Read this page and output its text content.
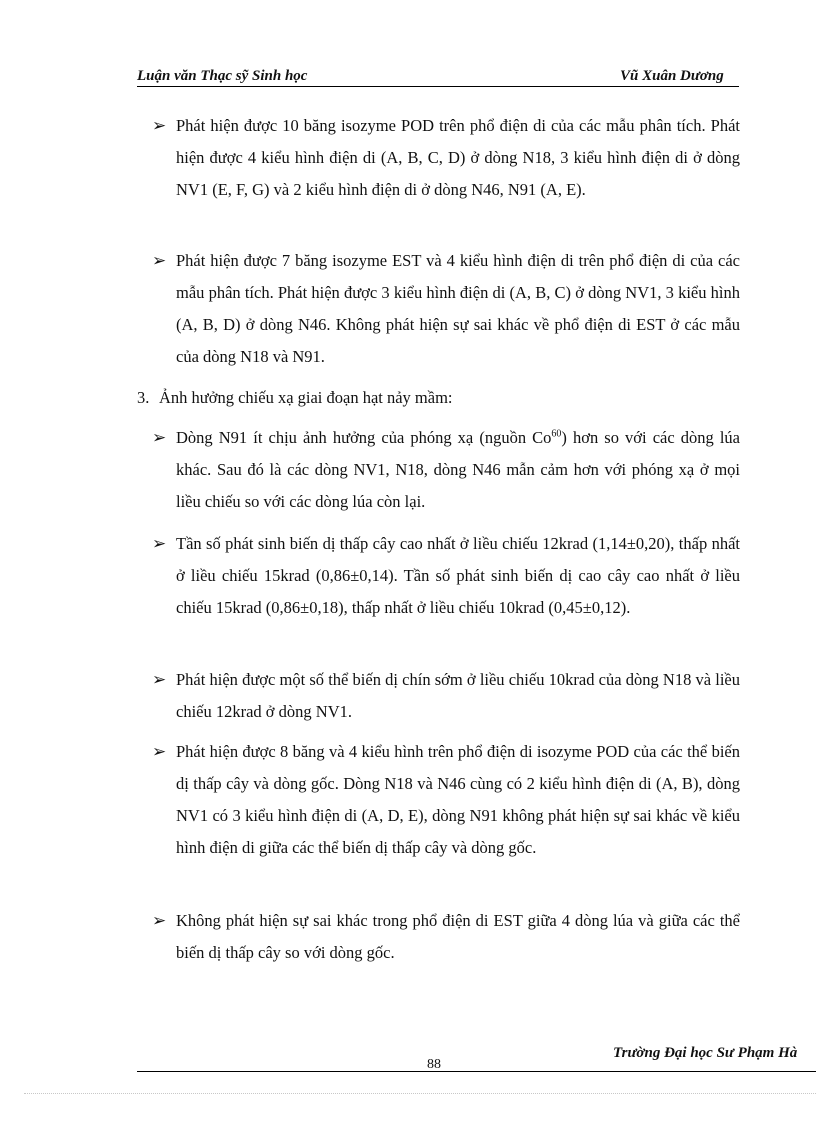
Luận văn Thạc sỹ Sinh học	Vũ Xuân Dương
➢ Phát hiện được 10 băng isozyme POD trên phổ điện di của các mẫu phân tích. Phát hiện được 4 kiểu hình điện di (A, B, C, D) ở dòng N18, 3 kiểu hình điện di ở dòng NV1 (E, F, G) và 2 kiểu hình điện di ở dòng N46, N91 (A, E).

➢ Phát hiện được 7 băng isozyme EST và 4 kiểu hình điện di trên phổ điện di của các mẫu phân tích. Phát hiện được 3 kiểu hình điện di (A, B, C) ở dòng NV1, 3 kiểu hình (A, B, D) ở dòng N46. Không phát hiện sự sai khác về phổ điện di EST ở các mẫu của dòng N18 và N91.

3. Ảnh hưởng chiếu xạ giai đoạn hạt nảy mầm:

➢ Dòng N91 ít chịu ảnh hưởng của phóng xạ (nguồn Co$^{60}$) hơn so với các dòng lúa khác. Sau đó là các dòng NV1, N18, dòng N46 mẫn cảm hơn với phóng xạ ở mọi liều chiếu so với các dòng lúa còn lại.

➢ Tần số phát sinh biến dị thấp cây cao nhất ở liều chiếu 12krad (1,14±0,20), thấp nhất ở liều chiếu 15krad (0,86±0,14). Tần số phát sinh biến dị cao cây cao nhất ở liều chiếu 15krad (0,86±0,18), thấp nhất ở liều chiếu 10krad (0,45±0,12).

➢ Phát hiện được một số thể biến dị chín sớm ở liều chiếu 10krad của dòng N18 và liều chiếu 12krad ở dòng NV1.

➢ Phát hiện được 8 băng và 4 kiểu hình trên phổ điện di isozyme POD của các thể biến dị thấp cây và dòng gốc. Dòng N18 và N46 cùng có 2 kiểu hình điện di (A, B), dòng NV1 có 3 kiểu hình điện di (A, D, E), dòng N91 không phát hiện sự sai khác về kiểu hình điện di giữa các thể biến dị thấp cây và dòng gốc.

➢ Không phát hiện sự sai khác trong phổ điện di EST giữa 4 dòng lúa và giữa các thể biến dị thấp cây so với dòng gốc.

Trường Đại học Sư Phạm Hà
88
